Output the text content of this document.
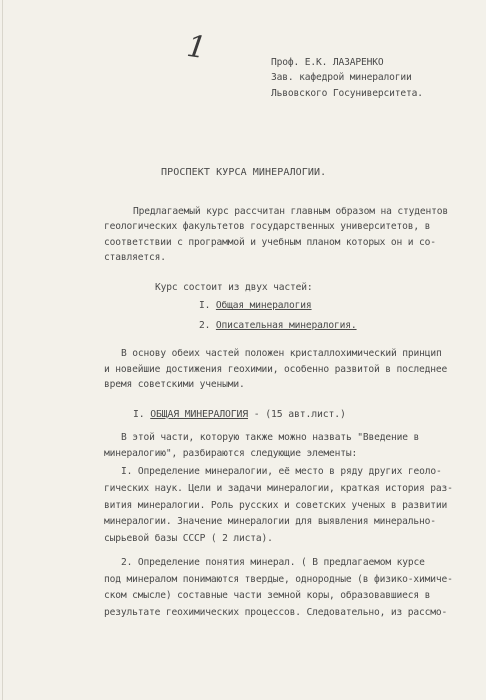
1	Проф. Е.К. ЛАЗАРЕНКО
Зав. кафедрой минералогии
Львовского Госуниверситета.
ПРОСПЕКТ КУРСА МИНЕРАЛОГИИ.
Предлагаемый курс рассчитан главным образом на студентов
геологических факультетов государственных университетов, в
соответствии с программой и учебным планом которых он и со-
ставляется.
Курс состоит из двух частей:
I. Общая минералогия
2. Описательная минералогия.
В основу обеих частей положен кристаллохимический принцип
и новейшие достижения геохимии, особенно развитой в последнее
время советскими учеными.
I. ОБЩАЯ МИНЕРАЛОГИЯ - (15 авт.лист.)
В этой части, которую также можно назвать "Введение в
минералогию", разбираются следующие элементы:
I. Определение минералогии, её место в ряду других геоло-
гических наук. Цели и задачи минералогии, краткая история раз-
вития минералогии. Роль русских и советских ученых в развитии
минералогии. Значение минералогии для выявления минерально-
сырьевой базы СССР ( 2 листа).
2. Определение понятия минерал. ( В предлагаемом курсе
под минералом понимаются твердые, однородные (в физико-химиче-
ском смысле) составные части земной коры, образовавшиеся в
результате геохимических процессов. Следовательно, из рассмо-
